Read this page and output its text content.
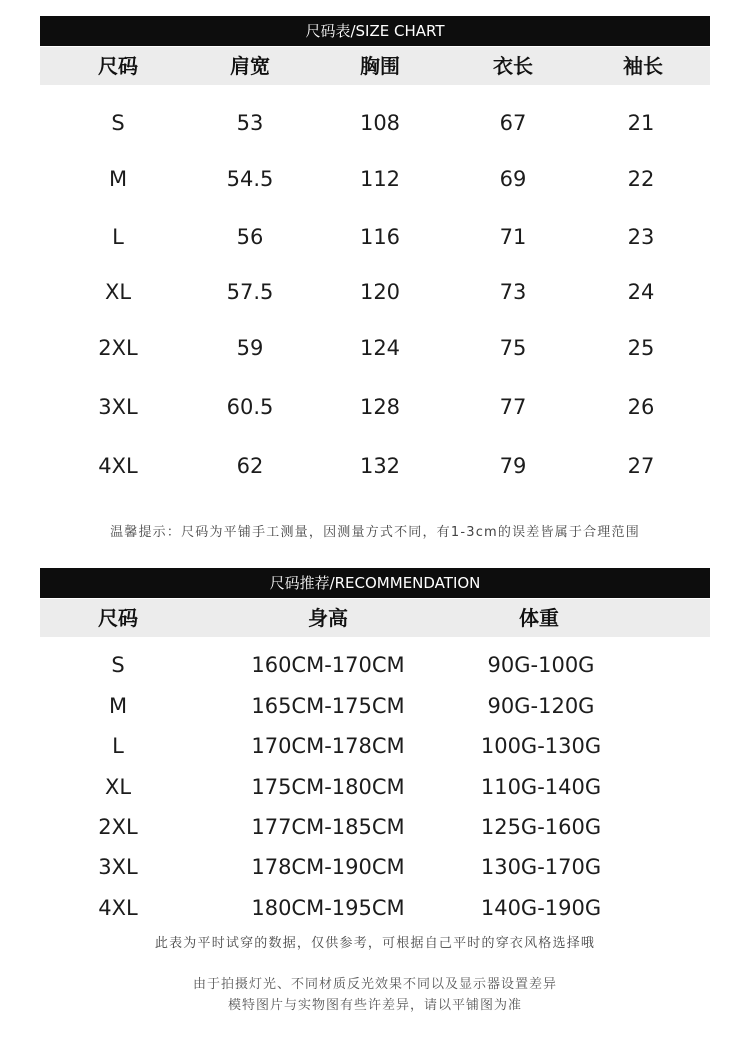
尺码表/SIZE CHART
尺码	肩宽	胸围	衣长	袖长
S	53	108	67	21
M	54.5	112	69	22
L	56	116	71	23
XL	57.5	120	73	24
2XL	59	124	75	25
3XL	60.5	128	77	26
4XL	62	132	79	27
温馨提示：尺码为平铺手工测量，因测量方式不同，有1-3cm的误差皆属于合理范围
尺码推荐/RECOMMENDATION
尺码	身高	体重
S	160CM-170CM	90G-100G
M	165CM-175CM	90G-120G
L	170CM-178CM	100G-130G
XL	175CM-180CM	110G-140G
2XL	177CM-185CM	125G-160G
3XL	178CM-190CM	130G-170G
4XL	180CM-195CM	140G-190G
此表为平时试穿的数据，仅供参考，可根据自己平时的穿衣风格选择哦
由于拍摄灯光、不同材质反光效果不同以及显示器设置差异
模特图片与实物图有些许差异，请以平铺图为准
